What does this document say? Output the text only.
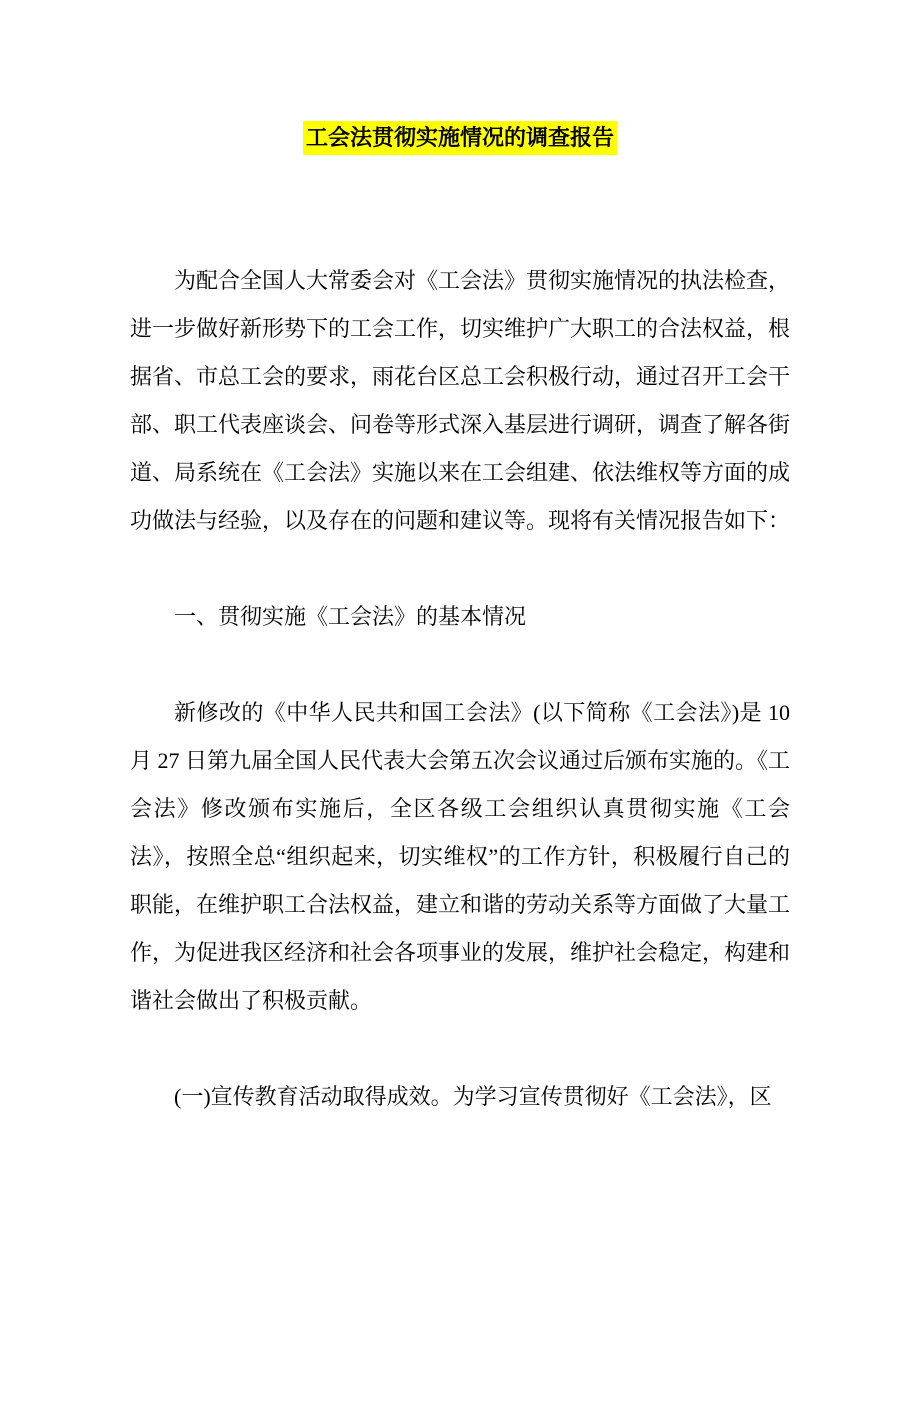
工会法贯彻实施情况的调查报告

为配合全国人大常委会对《工会法》贯彻实施情况的执法检查，进一步做好新形势下的工会工作，切实维护广大职工的合法权益，根据省、市总工会的要求，雨花台区总工会积极行动，通过召开工会干部、职工代表座谈会、问卷等形式深入基层进行调研，调查了解各街道、局系统在《工会法》实施以来在工会组建、依法维权等方面的成功做法与经验，以及存在的问题和建议等。现将有关情况报告如下：

一、贯彻实施《工会法》的基本情况

新修改的《中华人民共和国工会法》(以下简称《工会法》)是 10 月 27 日第九届全国人民代表大会第五次会议通过后颁布实施的。《工会法》修改颁布实施后，全区各级工会组织认真贯彻实施《工会法》，按照全总“组织起来，切实维权”的工作方针，积极履行自己的职能，在维护职工合法权益，建立和谐的劳动关系等方面做了大量工作，为促进我区经济和社会各项事业的发展，维护社会稳定，构建和谐社会做出了积极贡献。

(一)宣传教育活动取得成效。为学习宣传贯彻好《工会法》，区
